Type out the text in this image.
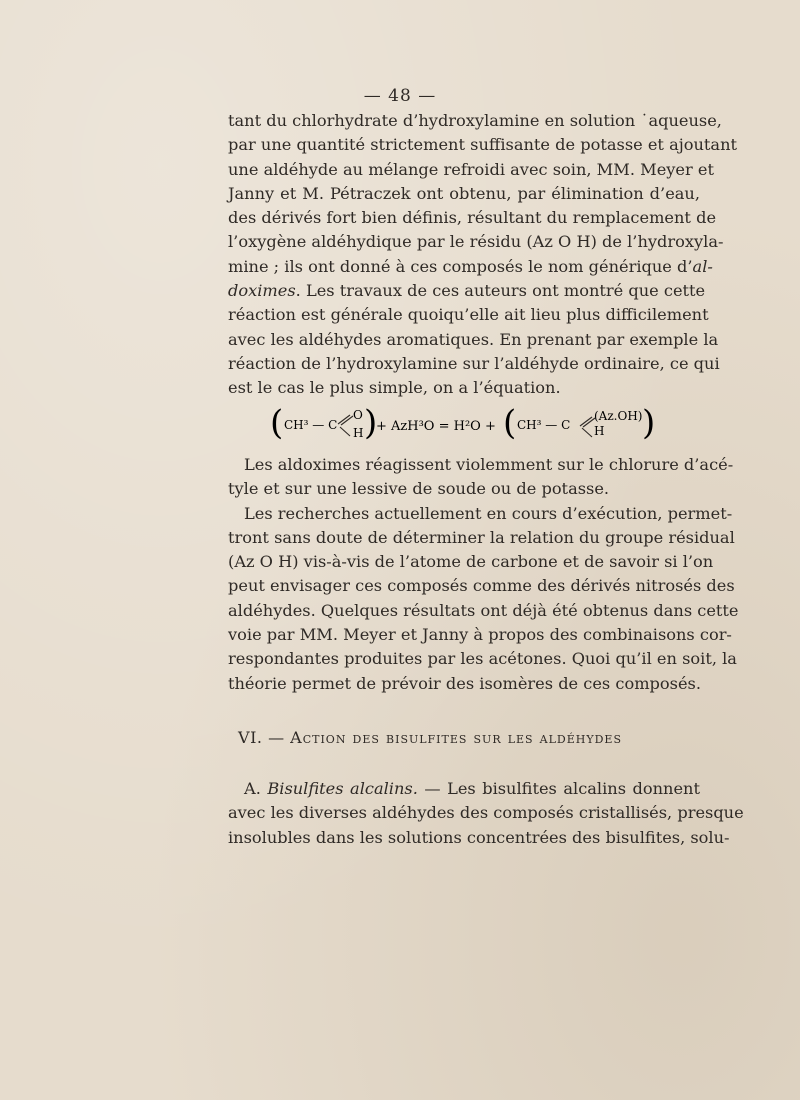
— 48 —
tant du chlorhydrate d’hydroxylamine en solution ˙aqueuse,
par une quantité strictement suffisante de potasse et ajoutant
une aldéhyde au mélange refroidi avec soin, MM. Meyer et
Janny et M. Pétraczek ont obtenu, par élimination d’eau,
des dérivés fort bien définis, résultant du remplacement de
l’oxygène aldéhydique par le résidu (Az O H) de l’hydroxyla-
mine ; ils ont donné à ces composés le nom générique d’al-
doximes. Les travaux de ces auteurs ont montré que cette
réaction est générale quoiqu’elle ait lieu plus difficilement
avec les aldéhydes aromatiques. En prenant par exemple la
réaction de l’hydroxylamine sur l’aldéhyde ordinaire, ce qui
est le cas le plus simple, on a l’équation.
( CH³ — C
O
H )
+ AzH³O = H²O + ( CH³ — C
(Az.OH)
H )
Les aldoximes réagissent violemment sur le chlorure d’acé-
tyle et sur une lessive de soude ou de potasse.
Les recherches actuellement en cours d’exécution, permet-
tront sans doute de déterminer la relation du groupe résidual
(Az O H) vis-à-vis de l’atome de carbone et de savoir si l’on
peut envisager ces composés comme des dérivés nitrosés des
aldéhydes. Quelques résultats ont déjà été obtenus dans cette
voie par MM. Meyer et Janny à propos des combinaisons cor-
respondantes produites par les acétones. Quoi qu’il en soit, la
théorie permet de prévoir des isomères de ces composés.
VI. — Action des bisulfites sur les aldéhydes
A. Bisulfites alcalins. — Les bisulfites alcalins donnent
avec les diverses aldéhydes des composés cristallisés, presque
insolubles dans les solutions concentrées des bisulfites, solu-
